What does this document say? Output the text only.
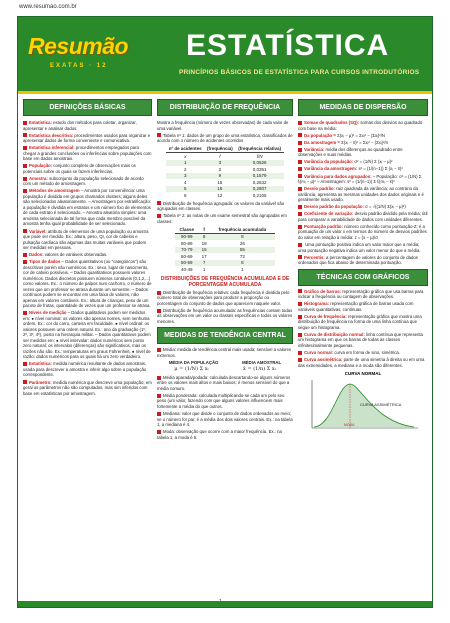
www.resumao.com.br
Resumão
EXATAS · 12
ESTATÍSTICA
PRINCÍPIOS BÁSICOS DE ESTATÍSTICA PARA CURSOS INTRODUTÓRIOS
DEFINIÇÕES BÁSICAS

Estatística: estudo dos métodos para coletar, organizar, apresentar e analisar dados.

Estatística descritiva: procedimentos usados para organizar e apresentar dados de forma conveniente e comunicativa.

Estatística inferencial: procedimentos empregados para chegar a grandes conclusões ou inferências sobre populações com base em dados amostrais.

População: conjunto completo de observações mais os potenciais sobre os quais se fazem inferências.

Amostra: subconjunto da população selecionado de acordo com um método de amostragem.

Métodos de amostragem – Amostra por conveniência: uma população é dividida em grupos chamados clusters; alguns deles são selecionados aleatoriamente. – Amostragem por estratificação: a população é dividida em estratos e um número fixo de elementos de cada estrato é selecionado. – Amostra aleatória simples: uma amostra selecionada de tal forma que cada membro possível da amostra tenha igual probabilidade de ser selecionado.

Variável: atributo de elementos de uma população ou amostra que pode ser medido. Ex.: altura, peso, QI, cor de cabelos e pulsação cardíaca são algumas das muitas variáveis que podem ser medidas em pessoas.

Dados: valores de variáveis observadas.

Tipos de dados – Dados quantitativos (ou "categóricos") são descritivos porém não numéricos. Ex.: sexo, lugar de nascimento, cor de cabelo possíveis. – Dados quantitativos possuem valores numéricos. Dados discretos possuem números contáveis (0,1,2,...) como valores. Ex.: o número de palpos num cachorro, o número de vezes que um professor se atrasa durante um semestre. – Dados contínuos podem se encontrar em uma faixa de valores, não apenas em valores contáveis. Ex.: altura de crianças, peso de um pacote de frutas, quantidade de vezes que um professor se atrasa.

Níveis de medição – Dados qualitativos podem ser medidos em: ● nível nominal: os valores são apenas nomes, sem nenhuma ordem. Ex.: cor do carro, carteira em faculdade. ● nível ordinal: os valores possuem uma ordem natural. Ex.: ano da graduação (1º, 2º, 3º, 4º), posto na hierarquia militar. – Dados quantitativos podem ser medidos em: ● nível intervalar: dados numéricos sem ponto zero natural; os intervalos (diferenças) são significativos, mas os razões não são. Ex.: temperaturas em graus Fahrenheit. ● nível de razão: dados numéricos para os quais há um zero verdadeiro.

Estatística: medida numérica resultante de dados amostrais, usada para descrever a amostra e inferir algo sobre a população correspondente.

Parâmetro: medida numérica que descreve uma população; em geral os parâmetros não são computados, mas sim inferidos com base em estatísticas por amostragem.

DISTRIBUIÇÃO DE FREQUÊNCIA

Mostra a frequência (número de vezes observadas) de cada valor de uma variável.

Tabela nº 1: dados de um grupo de uma estatística, classificados de acordo com o número de acidentes ocorridos

nº de acidentes	(frequência)	(frequência relativa)
x	f	f/N
1	3	0,0526
2	2	0,0351
3	9	0,1579
4	15	0,2632
5	16	0,2807
6	12	0,2105

Distribuição de frequência agrupada: os valores da variável são agrupados em classes.

Tabela nº 2: as notas de um exame semestral são agrupadas em classes:

Classe	f	frequência acumulada
90-99	8	8
80-89	18	26
70-79	15	55
60-69	17	72
50-59	7	8
40-49	1	1
DISTRIBUIÇÕES DE FREQUÊNCIA ACUMULADA E DE PORCENTAGEM ACUMULADA

Distribuição de frequência relativa: cada frequência é dividida pelo número total de observações para produzir a proporção ou porcentagem do conjunto de dados que aparecem naquele valor.

Distribuição de frequência acumulada: as frequências contam todas as observações em um valor ou classes específicas e todos os valores menores.

MEDIDAS DE TENDÊNCIA CENTRAL

Média: medida de tendência central mais usada; sensível a valores extremos.

MÉDIA DA POPULAÇÃO	MÉDIA AMOSTRAL
μ = (1/N) Σ xᵢ	x̄ = (1/n) Σ xᵢ

Média aparada/podada: calculada descartando-se alguns números entre os valores mais altos e mais baixos; é menos sensível do que a média comum.

Média ponderada: calculada multiplicando-se cada um pelo seu peso (um valor, fazendo com que alguns valores influenciem mais fortemente a média do que outros.

Mediana: valor que divide o conjunto de dados ordenados ao meio; se o número for par, é a média dos dois valores centrais. Ex.: na tabela 1, a mediana é 4.

Moda: observação que ocorre com a maior frequência. Ex.: na tabela 1, a moda é 5.

MEDIDAS DE DISPERSÃO

Somas de quadrados (SQ): somas dos desvios ao quadrado com base na média:

Da população = Σ(xᵢ − μ)² = Σxᵢ² − (Σxᵢ)²/N

Da amostragem = Σ(xᵢ − x̄)² = Σxᵢ² − (Σxᵢ)²/n

Variância: média dos diferenças ao quadrado entre observações e suas médias.

Variância da população: σ² = (1/N) Σ (xᵢ − μ)²

Variância da amostragem: s² = (1/(n−1)) Σ (xᵢ − x̄)²

Variância para dados agrupados: – População: σ² = (1/N) Σ fᵢ(mᵢ − μ)² – Amostragem: s² = (1/(n−1)) Σ fᵢ(mᵢ − x̄)²

Desvio padrão: raiz quadrada da variância; ao contrário da variância, apresenta as mesmas unidades dos dados originais e é geralmente mais usado.

Desvio padrão da população: σ = √((1/N) Σ(xᵢ − μ)²)

Coeficiente de variação: desvio padrão dividido pela média; útil para comparar a variabilidade de dados com unidades diferentes.

Pontuação padrão: número conhecido como pontuação-Z; é a pontuação de um valor x em termos do número de desvios padrões do valor em relação à média: z = (x − μ)/σ

Uma pontuação positiva indica um valor maior que a média; uma pontuação negativa indica um valor menor do que a média.

Percentis: a percentagem de valores do conjunto de dados ordenados que fica abaixo de determinada pontuação.

TÉCNICAS COM GRÁFICOS

Gráfico de barras: representação gráfica que usa barras para indicar a frequência ou contagem de observações.

Histograma: representação gráfica de barras usada com variáveis quantitativas, contínuas.

Curva de frequência: representação gráfica que mostra uma distribuição de frequência na forma de uma linha contínua que segue um histograma.

Curva de distribuição normal: linha contínua que representa um histograma em que os barras de todas as classes infinitesimalmente pequenas.

Curva normal: curva em forma de sino, simétrica.

Curva assimétrica: parte de uma simetria à direita ou em uma das extremidades, a mediana e a moda são diferentes.

CURVA NORMAL
CURVA ASSIMÉTRICA
MODA
